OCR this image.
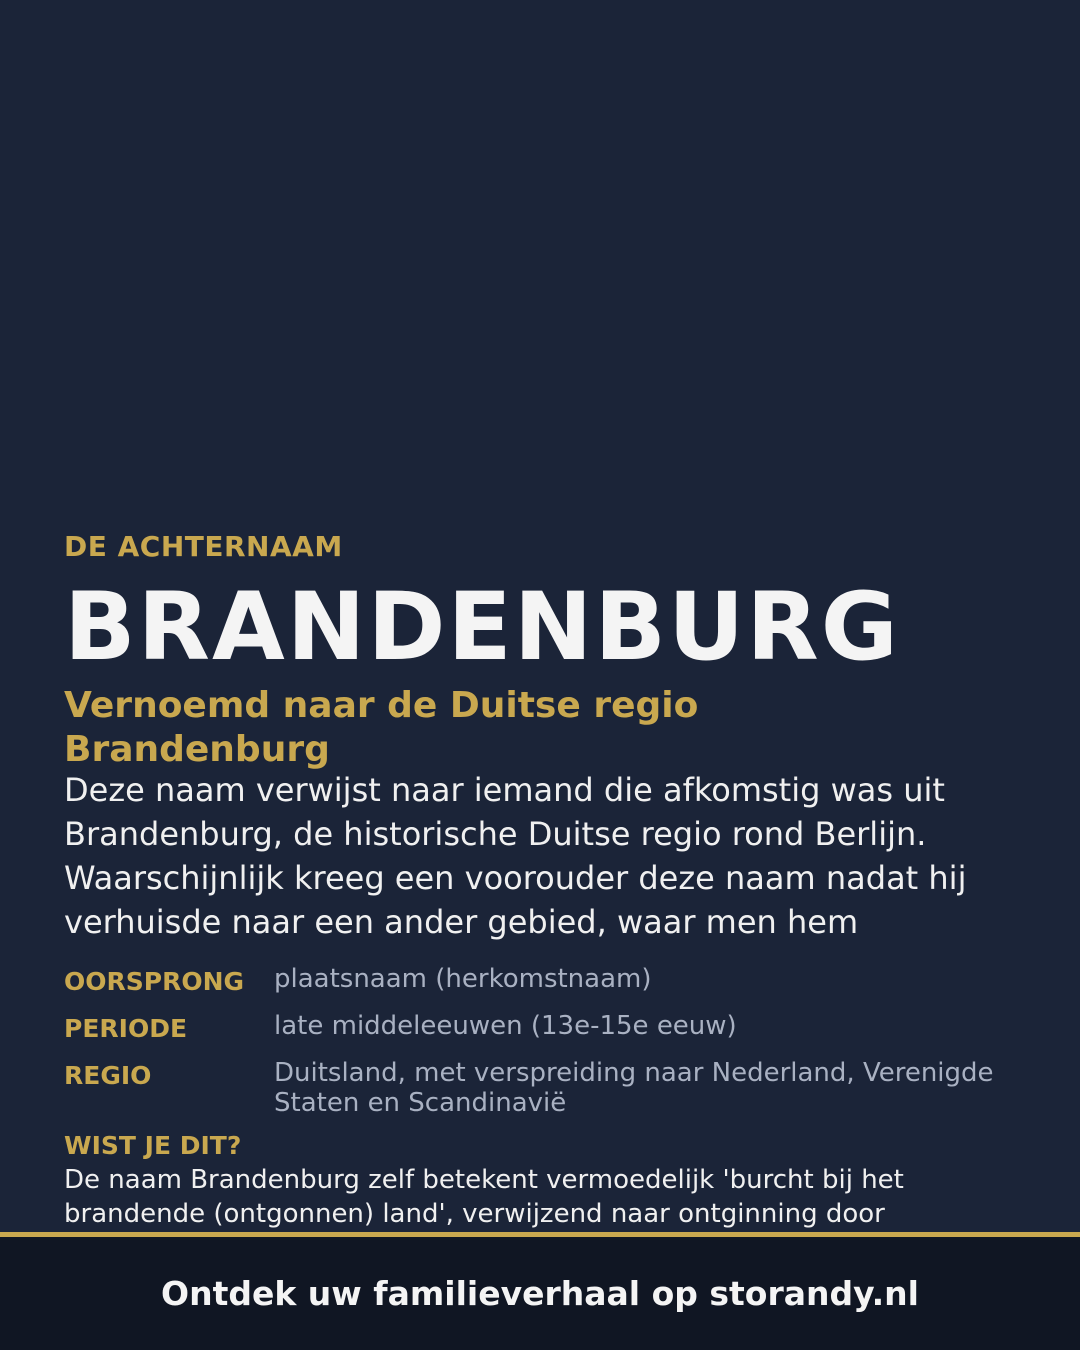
DE ACHTERNAAM
BRANDENBURG
Vernoemd naar de Duitse regio Brandenburg
Deze naam verwijst naar iemand die afkomstig was uit Brandenburg, de historische Duitse regio rond Berlijn. Waarschijnlijk kreeg een voorouder deze naam nadat hij verhuisde naar een ander gebied, waar men hem
OORSPRONG	plaatsnaam (herkomstnaam)
PERIODE	late middeleeuwen (13e-15e eeuw)
REGIO	Duitsland, met verspreiding naar Nederland, Verenigde Staten en Scandinavië
WIST JE DIT?
De naam Brandenburg zelf betekent vermoedelijk 'burcht bij het brandende (ontgonnen) land', verwijzend naar ontginning door
Ontdek uw familieverhaal op storandy.nl
